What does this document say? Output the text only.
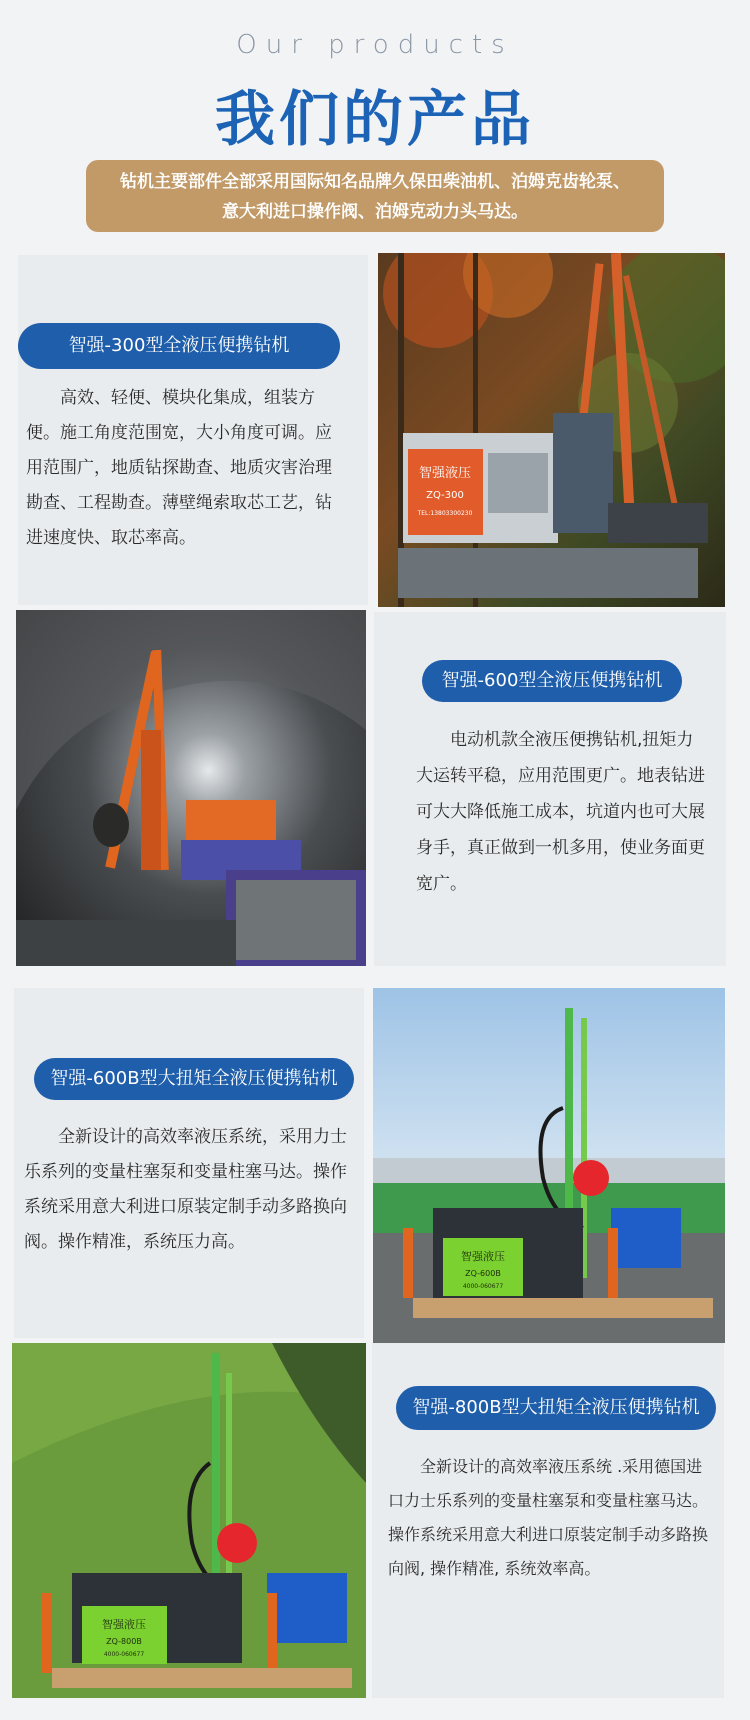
Our products
我们的产品
钻机主要部件全部采用国际知名品牌久保田柴油机、泊姆克齿轮泵、
意大利进口操作阀、泊姆克动力头马达。
智强-300型全液压便携钻机
高效、轻便、模块化集成，组装方便。施工角度范围宽，大小角度可调。应用范围广，地质钻探勘查、地质灾害治理勘查、工程勘查。薄壁绳索取芯工艺，钻进速度快、取芯率高。
智强液压
ZQ-300
TEL:13803300230
智强-600型全液压便携钻机
电动机款全液压便携钻机,扭矩力大运转平稳，应用范围更广。地表钻进可大大降低施工成本，坑道内也可大展身手，真正做到一机多用，使业务面更宽广。
智强-600B型大扭矩全液压便携钻机
全新设计的高效率液压系统，采用力士乐系列的变量柱塞泵和变量柱塞马达。操作系统采用意大利进口原装定制手动多路换向阀。操作精准，系统压力高。
智强液压
ZQ-600B
4000-060677
智强液压
ZQ-800B
4000-060677
智强-800B型大扭矩全液压便携钻机
全新设计的高效率液压系统 .采用德国进口力士乐系列的变量柱塞泵和变量柱塞马达。操作系统采用意大利进口原装定制手动多路换向阀, 操作精准, 系统效率高。
